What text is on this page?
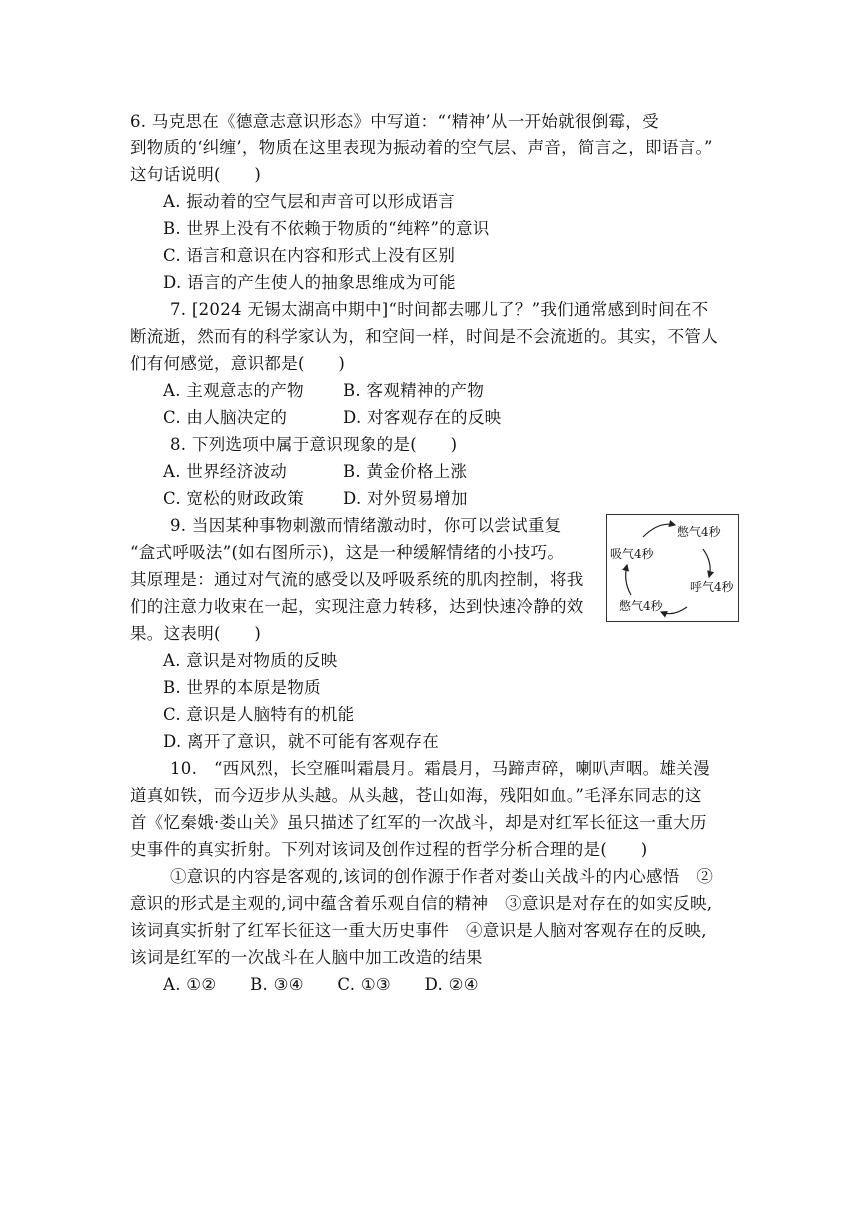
6. 马克思在《德意志意识形态》中写道：“‘精神’从一开始就很倒霉，受
到物质的‘纠缠’，物质在这里表现为振动着的空气层、声音，简言之，即语言。”
这句话说明(　　)
A. 振动着的空气层和声音可以形成语言
B. 世界上没有不依赖于物质的“纯粹”的意识
C. 语言和意识在内容和形式上没有区别
D. 语言的产生使人的抽象思维成为可能
7. [2024 无锡太湖高中期中]“时间都去哪儿了？”我们通常感到时间在不
断流逝，然而有的科学家认为，和空间一样，时间是不会流逝的。其实，不管人
们有何感觉，意识都是(　　)
A. 主观意志的产物 B. 客观精神的产物
C. 由人脑决定的	D. 对客观存在的反映
8. 下列选项中属于意识现象的是(　　)
A. 世界经济波动	B. 黄金价格上涨
C. 宽松的财政政策 D. 对外贸易增加
9. 当因某种事物刺激而情绪激动时，你可以尝试重复
“盒式呼吸法”(如右图所示)，这是一种缓解情绪的小技巧。
其原理是：通过对气流的感受以及呼吸系统的肌肉控制，将我
们的注意力收束在一起，实现注意力转移，达到快速冷静的效
果。这表明(　　)
A. 意识是对物质的反映
B. 世界的本原是物质
C. 意识是人脑特有的机能
D. 离开了意识，就不可能有客观存在
憋气4秒
吸气4秒
呼气4秒
憋气4秒
10.　“西风烈，长空雁叫霜晨月。霜晨月，马蹄声碎，喇叭声咽。雄关漫
道真如铁，而今迈步从头越。从头越，苍山如海，残阳如血。”毛泽东同志的这
首《忆秦娥·娄山关》虽只描述了红军的一次战斗，却是对红军长征这一重大历
史事件的真实折射。下列对该词及创作过程的哲学分析合理的是(　　)
①意识的内容是客观的,该词的创作源于作者对娄山关战斗的内心感悟　②
意识的形式是主观的,词中蕴含着乐观自信的精神　③意识是对存在的如实反映,
该词真实折射了红军长征这一重大历史事件　④意识是人脑对客观存在的反映,
该词是红军的一次战斗在人脑中加工改造的结果
A. ①②　　B. ③④　　C. ①③　　D. ②④
